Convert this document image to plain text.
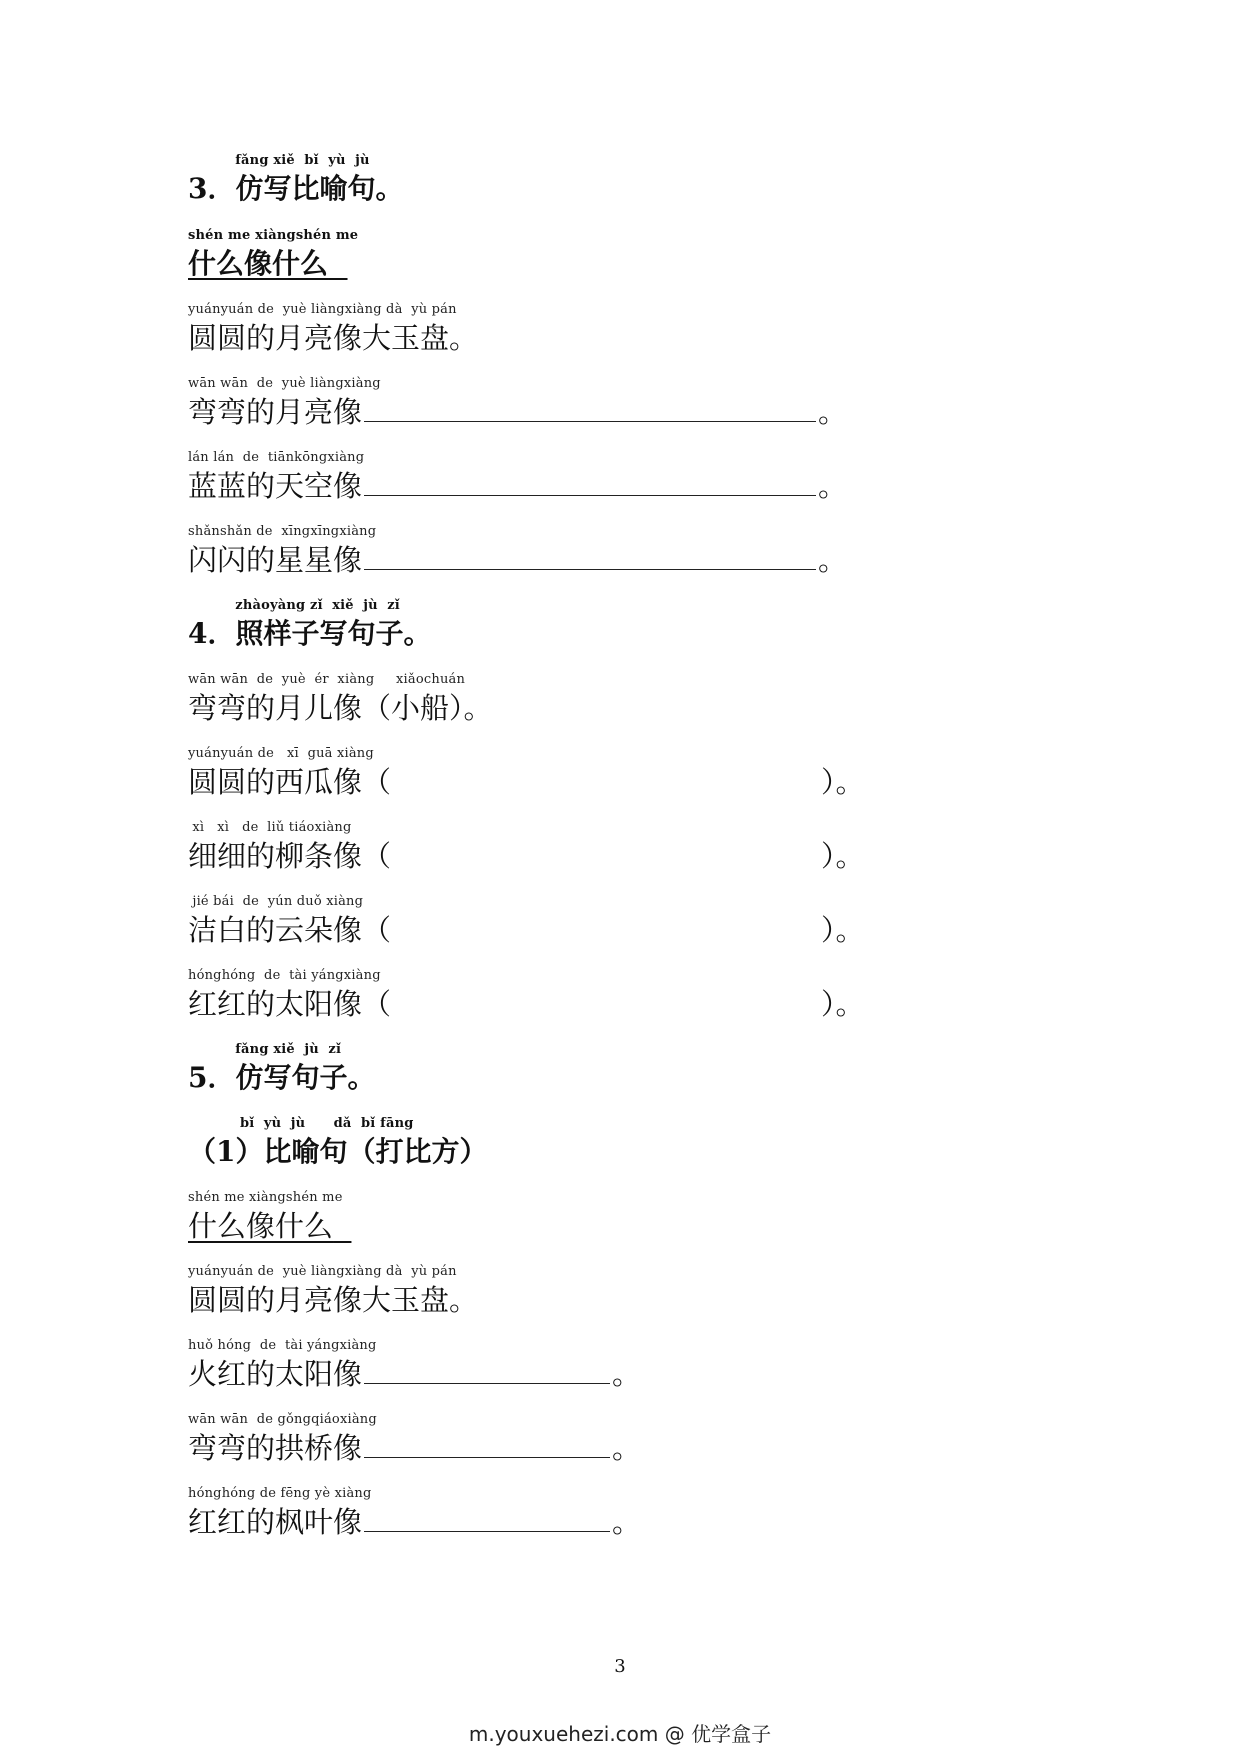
fǎng xiě  bǐ  yù  jù
3．仿写比喻句。
shén me xiàngshén me
什么像什么
yuányuán de  yuè liàngxiàng dà  yù pán
圆圆的月亮像大玉盘。
wān wān  de  yuè liàngxiàng
弯弯的月亮像	。
lán lán  de  tiānkōngxiàng
蓝蓝的天空像	。
shǎnshǎn de  xīngxīngxiàng
闪闪的星星像	。
zhàoyàng zǐ  xiě  jù  zǐ
4．照样子写句子。
wān wān  de  yuè  ér  xiàng     xiǎochuán
弯弯的月儿像（小船）。
yuányuán de   xī  guā xiàng
圆圆的西瓜像（	）。
xì   xì   de  liǔ tiáoxiàng
细细的柳条像（	）。
jié bái  de  yún duǒ xiàng
洁白的云朵像（	）。
hónghóng  de  tài yángxiàng
红红的太阳像（	）。
fǎng xiě  jù  zǐ
5．仿写句子。
bǐ  yù  jù      dǎ  bǐ fāng
（1）比喻句（打比方）
shén me xiàngshén me
什么像什么
yuányuán de  yuè liàngxiàng dà  yù pán
圆圆的月亮像大玉盘。
huǒ hóng  de  tài yángxiàng
火红的太阳像	。
wān wān  de gǒngqiáoxiàng
弯弯的拱桥像	。
hónghóng de fēng yè xiàng
红红的枫叶像	。
3
m.youxuehezi.com @ 优学盒子
